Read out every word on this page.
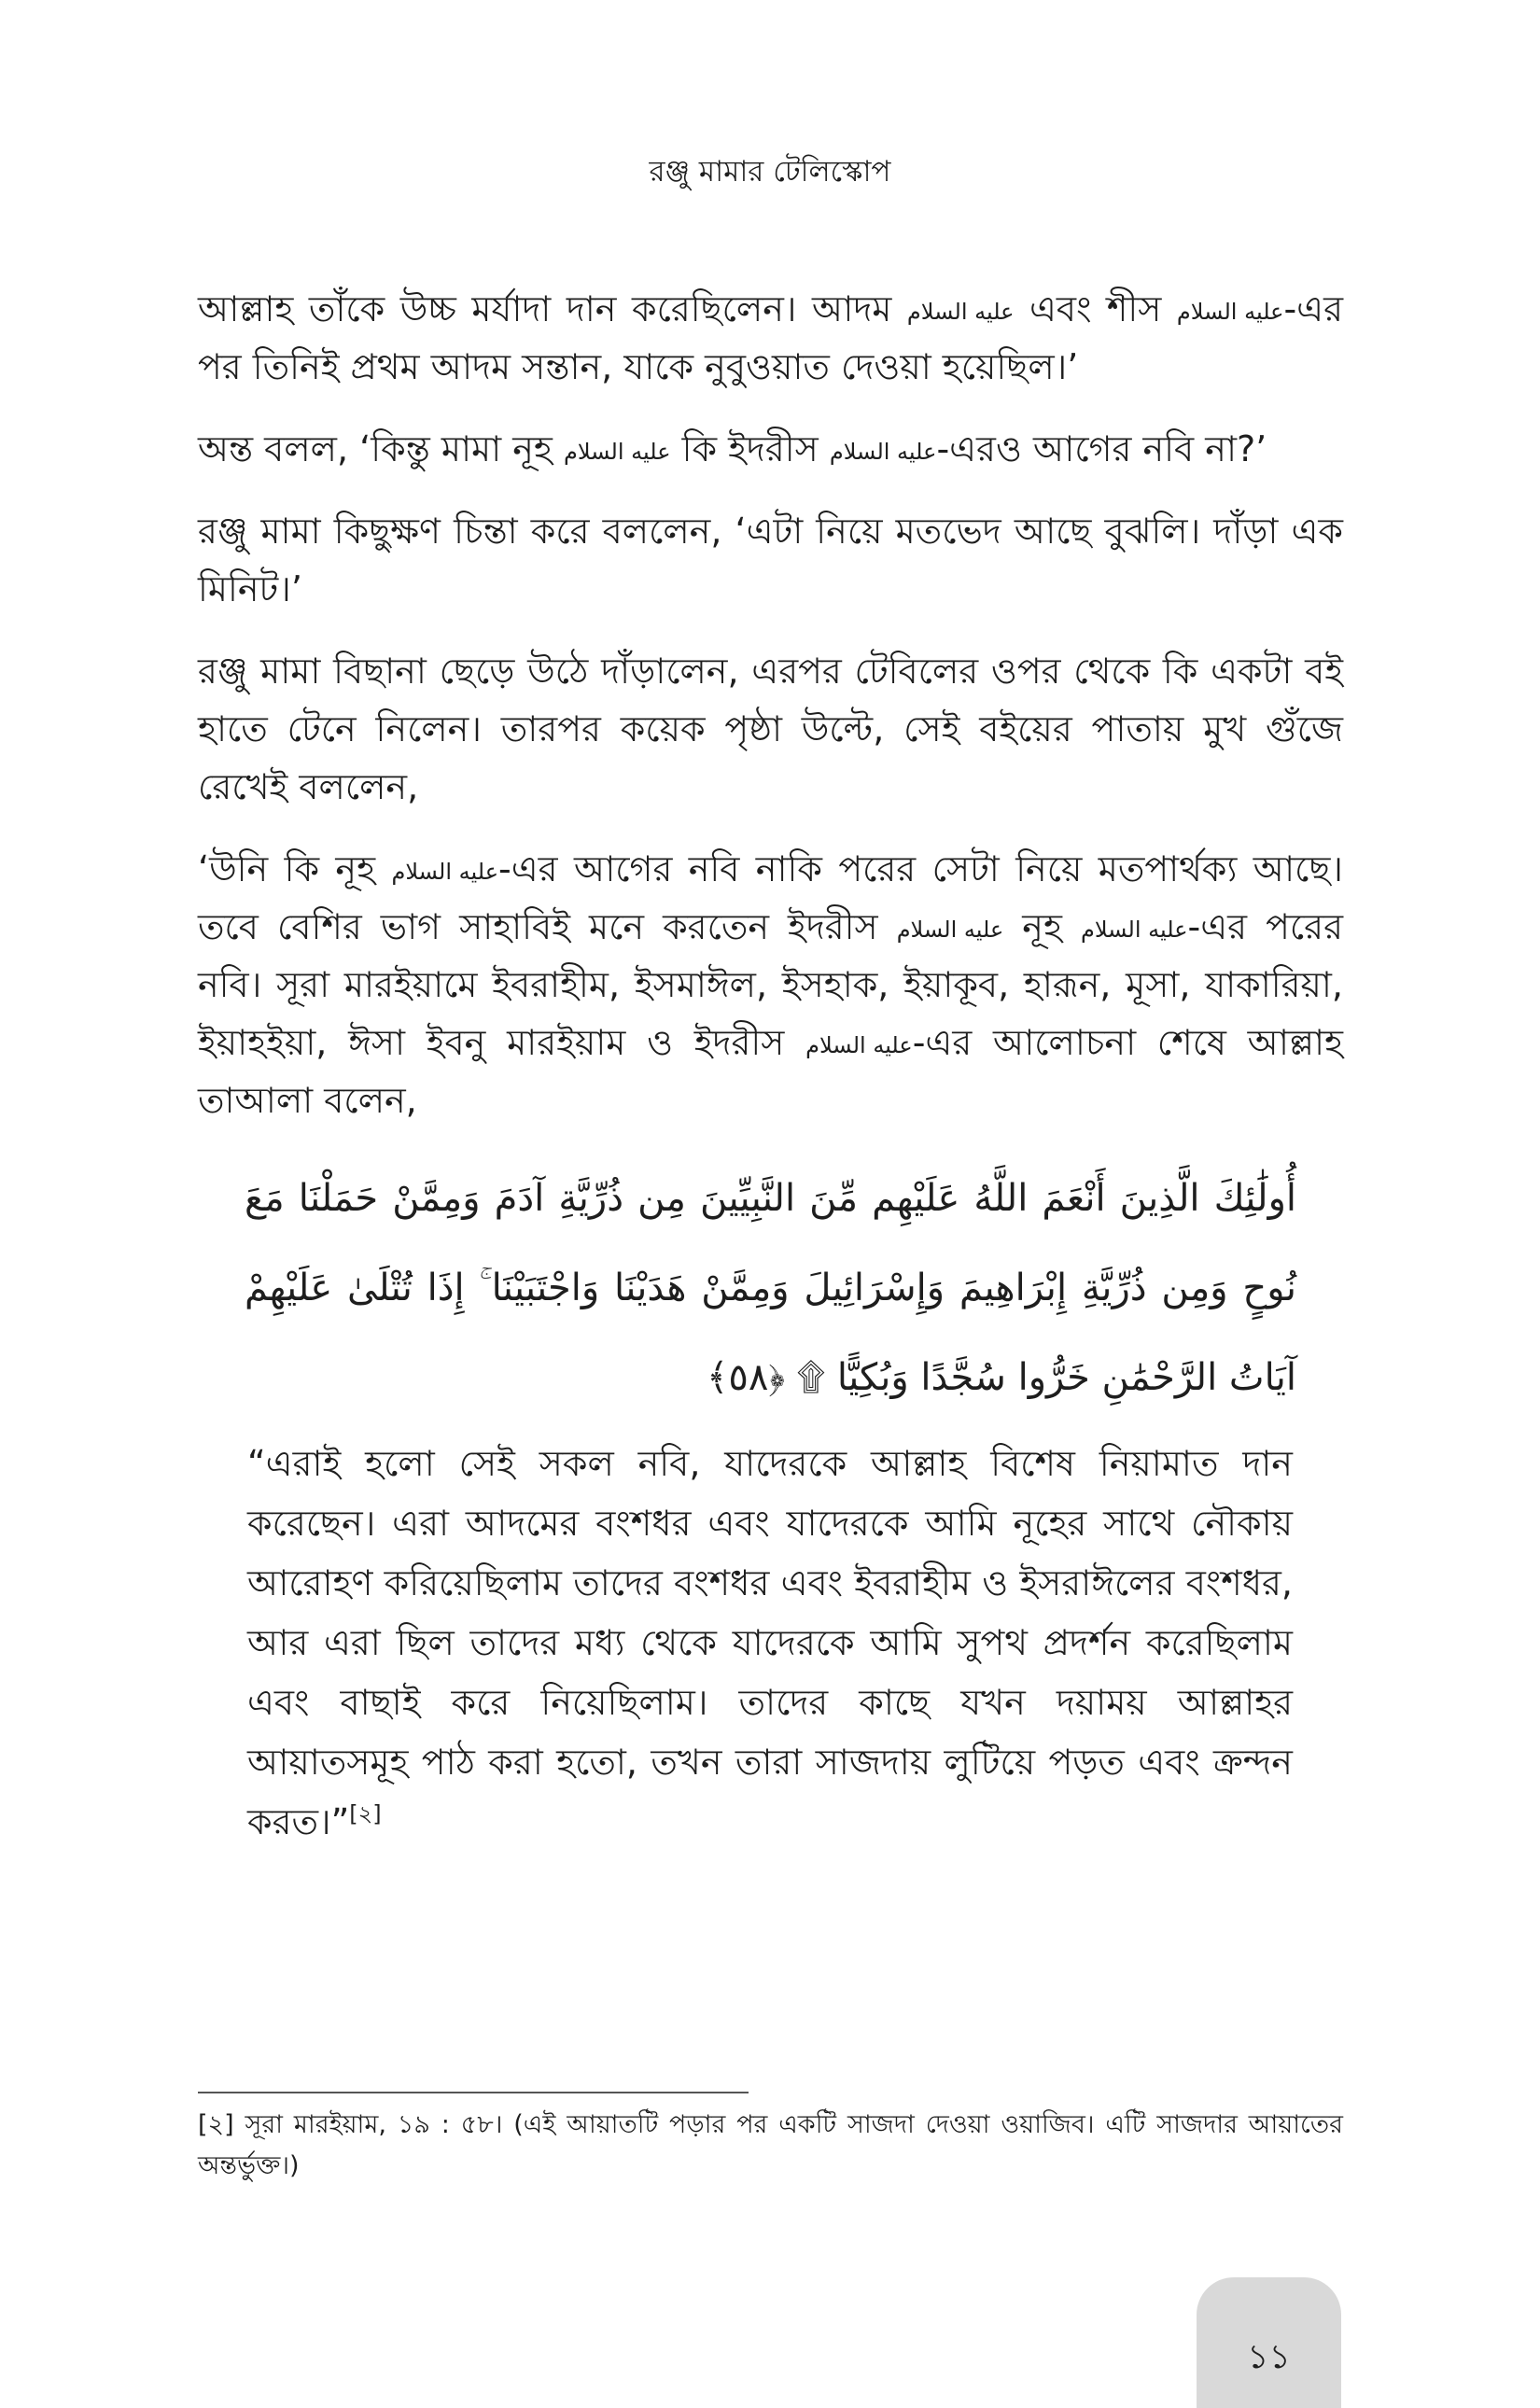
রঞ্জু মামার টেলিস্কোপ

আল্লাহ তাঁকে উচ্চ মর্যাদা দান করেছিলেন। আদম عليه السلام এবং শীস عليه السلام-এর পর তিনিই প্রথম আদম সন্তান, যাকে নুবুওয়াত দেওয়া হয়েছিল।’

অন্ত বলল, ‘কিন্তু মামা নূহ عليه السلام কি ইদরীস عليه السلام-এরও আগের নবি না?’

রঞ্জু মামা কিছুক্ষণ চিন্তা করে বললেন, ‘এটা নিয়ে মতভেদ আছে বুঝলি। দাঁড়া এক মিনিট।’

রঞ্জু মামা বিছানা ছেড়ে উঠে দাঁড়ালেন, এরপর টেবিলের ওপর থেকে কি একটা বই হাতে টেনে নিলেন। তারপর কয়েক পৃষ্ঠা উল্টে, সেই বইয়ের পাতায় মুখ গুঁজে রেখেই বললেন,

‘উনি কি নূহ عليه السلام-এর আগের নবি নাকি পরের সেটা নিয়ে মতপার্থক্য আছে। তবে বেশির ভাগ সাহাবিই মনে করতেন ইদরীস عليه السلام নূহ عليه السلام-এর পরের নবি। সূরা মারইয়ামে ইবরাহীম, ইসমাঈল, ইসহাক, ইয়াকূব, হারূন, মূসা, যাকারিয়া, ইয়াহইয়া, ঈসা ইবনু মারইয়াম ও ইদরীস عليه السلام-এর আলোচনা শেষে আল্লাহ তাআলা বলেন,

أُولَٰئِكَ الَّذِينَ أَنْعَمَ اللَّهُ عَلَيْهِم مِّنَ النَّبِيِّينَ مِن ذُرِّيَّةِ آدَمَ وَمِمَّنْ حَمَلْنَا مَعَ نُوحٍ وَمِن ذُرِّيَّةِ إِبْرَاهِيمَ وَإِسْرَائِيلَ وَمِمَّنْ هَدَيْنَا وَاجْتَبَيْنَا ۚ إِذَا تُتْلَىٰ عَلَيْهِمْ آيَاتُ الرَّحْمَٰنِ خَرُّوا سُجَّدًا وَبُكِيًّا ۩ ﴿٥٨﴾

“এরাই হলো সেই সকল নবি, যাদেরকে আল্লাহ বিশেষ নিয়ামাত দান করেছেন। এরা আদমের বংশধর এবং যাদেরকে আমি নূহের সাথে নৌকায় আরোহণ করিয়েছিলাম তাদের বংশধর এবং ইবরাহীম ও ইসরাঈলের বংশধর, আর এরা ছিল তাদের মধ্য থেকে যাদেরকে আমি সুপথ প্রদর্শন করেছিলাম এবং বাছাই করে নিয়েছিলাম। তাদের কাছে যখন দয়াময় আল্লাহর আয়াতসমূহ পাঠ করা হতো, তখন তারা সাজদায় লুটিয়ে পড়ত এবং ক্রন্দন করত।”[২]

[২] সূরা মারইয়াম, ১৯ : ৫৮। (এই আয়াতটি পড়ার পর একটি সাজদা দেওয়া ওয়াজিব। এটি সাজদার আয়াতের অন্তর্ভুক্ত।)
১১
